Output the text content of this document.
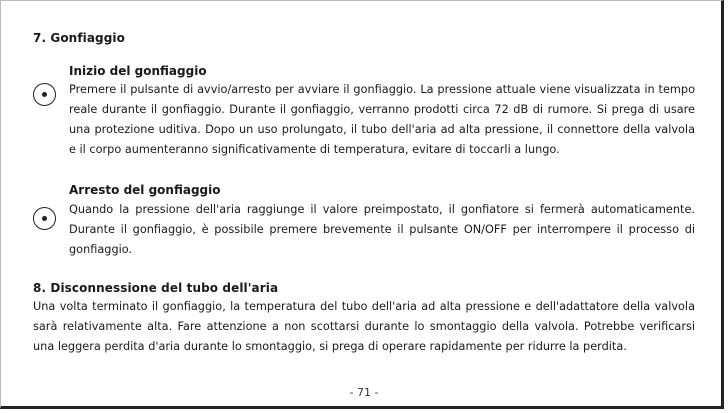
7. Gonfiaggio
Inizio del gonfiaggio

Premere il pulsante di avvio/arresto per avviare il gonfiaggio. La pressione attuale viene visualizzata in tempo reale durante il gonfiaggio. Durante il gonfiaggio, verranno prodotti circa 72 dB di rumore. Si prega di usare una protezione uditiva. Dopo un uso prolungato, il tubo dell'aria ad alta pressione, il connettore della valvola e il corpo aumenteranno significativamente di temperatura, evitare di toccarli a lungo.

Arresto del gonfiaggio

Quando la pressione dell'aria raggiunge il valore preimpostato, il gonfiatore si fermerà automaticamente. Durante il gonfiaggio, è possibile premere brevemente il pulsante ON/OFF per interrompere il processo di gonfiaggio.

8. Disconnessione del tubo dell'aria

Una volta terminato il gonfiaggio, la temperatura del tubo dell'aria ad alta pressione e dell'adattatore della valvola sarà relativamente alta. Fare attenzione a non scottarsi durante lo smontaggio della valvola. Potrebbe verificarsi una leggera perdita d'aria durante lo smontaggio, si prega di operare rapidamente per ridurre la perdita.

- 71 -
